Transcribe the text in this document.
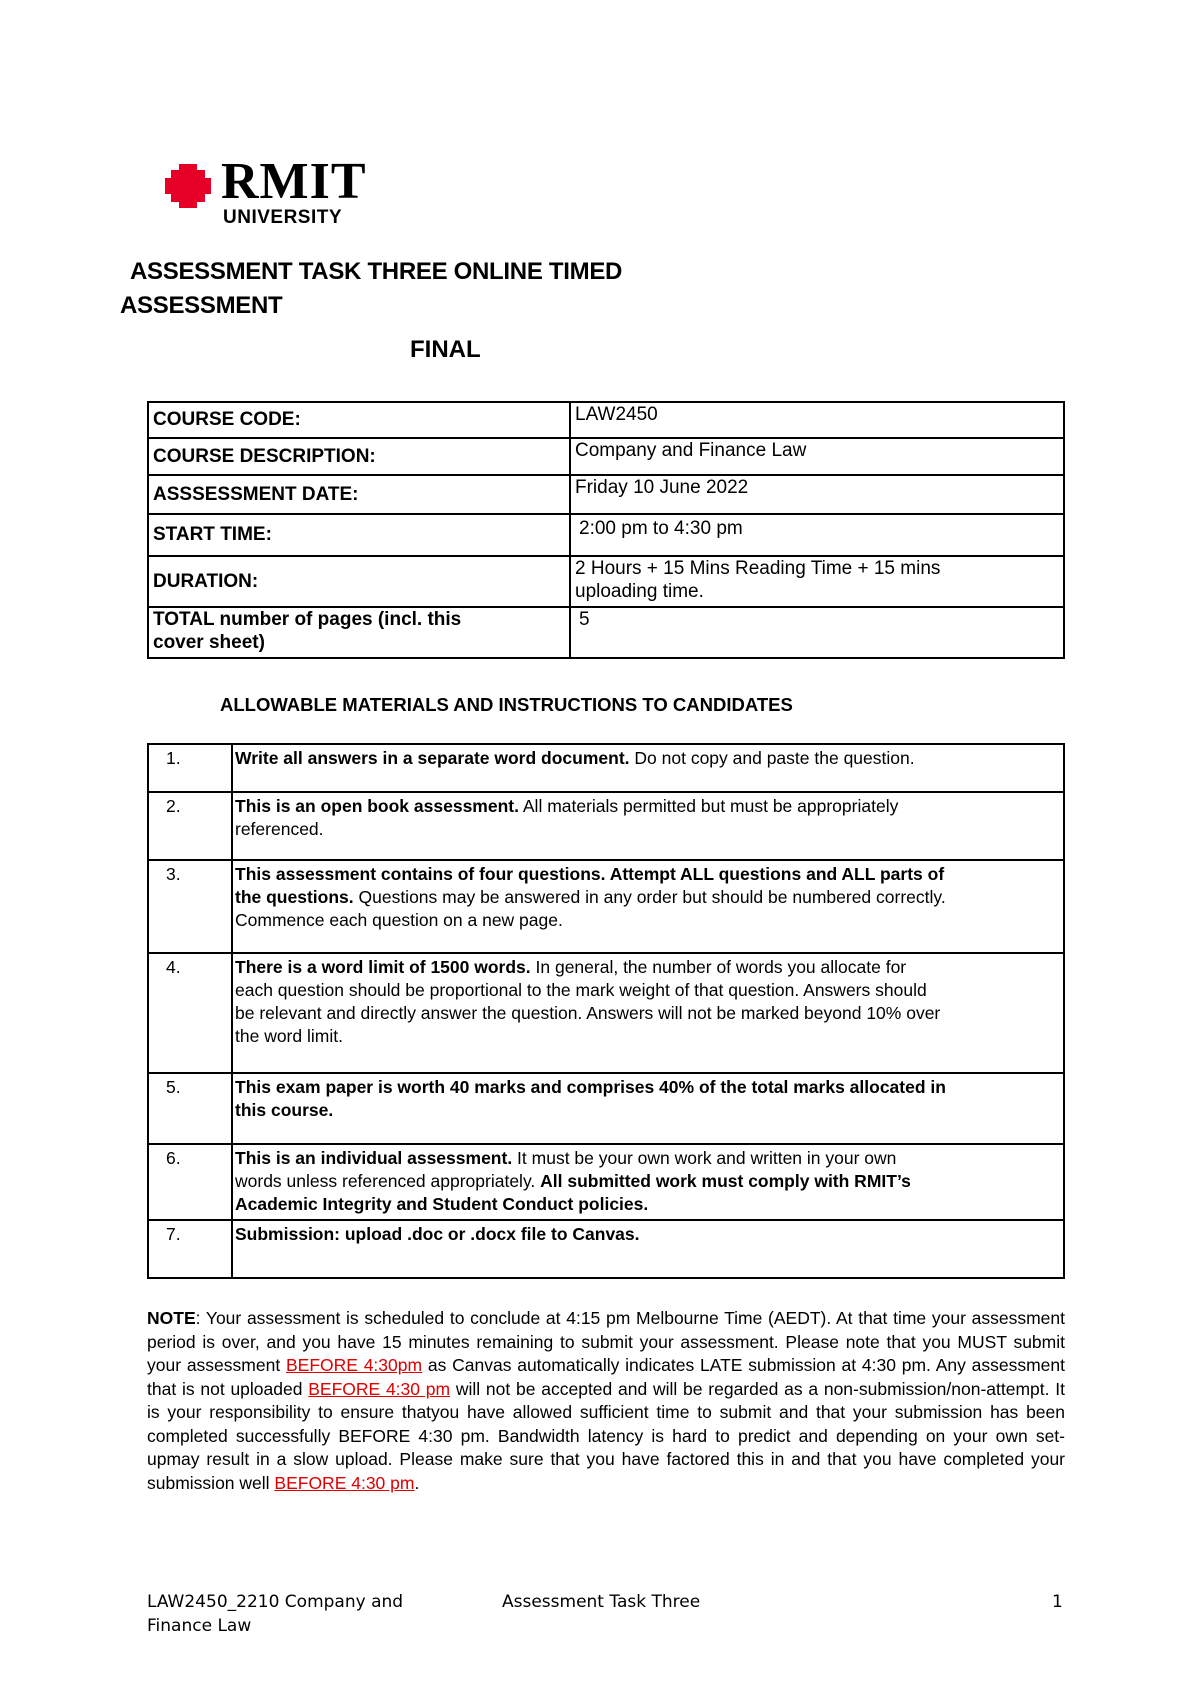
RMIT
UNIVERSITY
ASSESSMENT TASK THREE ONLINE TIMED
ASSESSMENT
FINAL
COURSE CODE:	LAW2450
COURSE DESCRIPTION:	Company and Finance Law
ASSSESSMENT DATE:	Friday 10 June 2022
START TIME:	2:00 pm to 4:30 pm
DURATION:	2 Hours + 15 Mins Reading Time + 15 mins
uploading time.

TOTAL number of pages (incl. this
cover sheet)	5
ALLOWABLE MATERIALS AND INSTRUCTIONS TO CANDIDATES
1.	Write all answers in a separate word document. Do not copy and paste the question.
2.	This is an open book assessment. All materials permitted but must be appropriately
referenced.

3.	This assessment contains of four questions. Attempt ALL questions and ALL parts of
the questions. Questions may be answered in any order but should be numbered correctly.
Commence each question on a new page.

4.	There is a word limit of 1500 words. In general, the number of words you allocate for
each question should be proportional to the mark weight of that question. Answers should
be relevant and directly answer the question. Answers will not be marked beyond 10% over
the word limit.

5.	This exam paper is worth 40 marks and comprises 40% of the total marks allocated in
this course.

6.	This is an individual assessment. It must be your own work and written in your own
words unless referenced appropriately. All submitted work must comply with RMIT’s
Academic Integrity and Student Conduct policies.

7.	Submission: upload .doc or .docx file to Canvas.
NOTE: Your assessment is scheduled to conclude at 4:15 pm Melbourne Time (AEDT). At that time your assessment period is over, and you have 15 minutes remaining to submit your assessment. Please note that you MUST submit your assessment BEFORE 4:30pm as Canvas automatically indicates LATE submission at 4:30 pm. Any assessment that is not uploaded BEFORE 4:30 pm will not be accepted and will be regarded as a non-submission/non-attempt. It is your responsibility to ensure thatyou have allowed sufficient time to submit and that your submission has been completed successfully BEFORE 4:30 pm. Bandwidth latency is hard to predict and depending on your own set-upmay result in a slow upload. Please make sure that you have factored this in and that you have completed your submission well BEFORE 4:30 pm.
LAW2450_2210 Company and Finance Law
Assessment Task Three	1
